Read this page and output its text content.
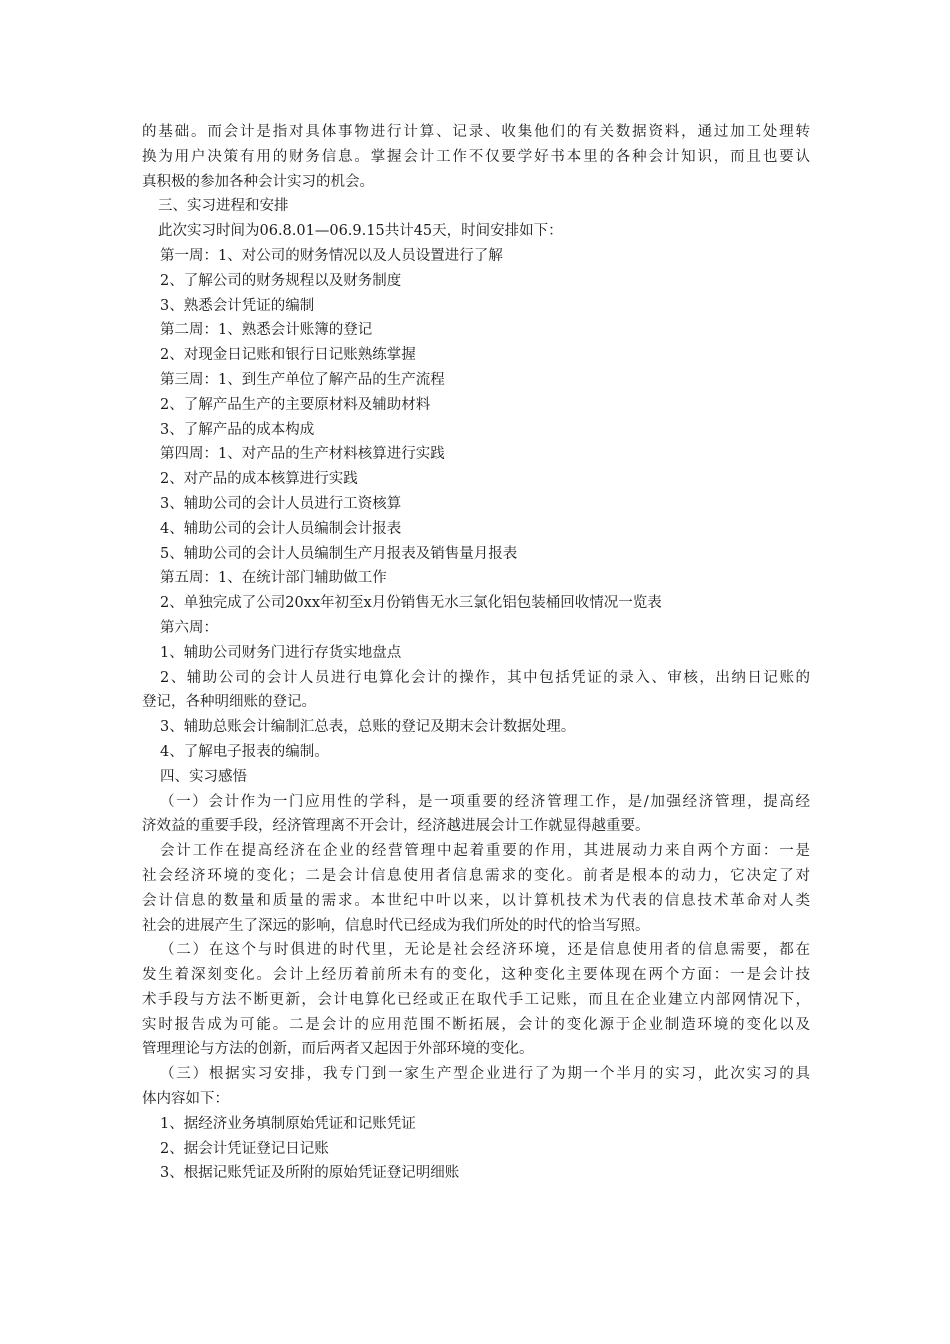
的基础。而会计是指对具体事物进行计算、记录、收集他们的有关数据资料，通过加工处理转
换为用户决策有用的财务信息。掌握会计工作不仅要学好书本里的各种会计知识，而且也要认
真积极的参加各种会计实习的机会。
三、实习进程和安排
此次实习时间为06.8.01—06.9.15共计45天，时间安排如下：
第一周：1、对公司的财务情况以及人员设置进行了解
2、了解公司的财务规程以及财务制度
3、熟悉会计凭证的编制
第二周：1、熟悉会计账簿的登记
2、对现金日记账和银行日记账熟练掌握
第三周：1、到生产单位了解产品的生产流程
2、了解产品生产的主要原材料及辅助材料
3、了解产品的成本构成
第四周：1、对产品的生产材料核算进行实践
2、对产品的成本核算进行实践
3、辅助公司的会计人员进行工资核算
4、辅助公司的会计人员编制会计报表
5、辅助公司的会计人员编制生产月报表及销售量月报表
第五周：1、在统计部门辅助做工作
2、单独完成了公司20xx年初至x月份销售无水三氯化铝包装桶回收情况一览表
第六周：
1、辅助公司财务门进行存货实地盘点
2、辅助公司的会计人员进行电算化会计的操作，其中包括凭证的录入、审核，出纳日记账的
登记，各种明细账的登记。
3、辅助总账会计编制汇总表，总账的登记及期末会计数据处理。
4、了解电子报表的编制。
四、实习感悟
（一）会计作为一门应用性的学科，是一项重要的经济管理工作，是/加强经济管理，提高经
济效益的重要手段，经济管理离不开会计，经济越进展会计工作就显得越重要。
会计工作在提高经济在企业的经营管理中起着重要的作用，其进展动力来自两个方面：一是
社会经济环境的变化；二是会计信息使用者信息需求的变化。前者是根本的动力，它决定了对
会计信息的数量和质量的需求。本世纪中叶以来，以计算机技术为代表的信息技术革命对人类
社会的进展产生了深远的影响，信息时代已经成为我们所处的时代的恰当写照。
（二）在这个与时俱进的时代里，无论是社会经济环境，还是信息使用者的信息需要，都在
发生着深刻变化。会计上经历着前所未有的变化，这种变化主要体现在两个方面：一是会计技
术手段与方法不断更新，会计电算化已经或正在取代手工记账，而且在企业建立内部网情况下，
实时报告成为可能。二是会计的应用范围不断拓展，会计的变化源于企业制造环境的变化以及
管理理论与方法的创新，而后两者又起因于外部环境的变化。
（三）根据实习安排，我专门到一家生产型企业进行了为期一个半月的实习，此次实习的具
体内容如下：
1、据经济业务填制原始凭证和记账凭证
2、据会计凭证登记日记账
3、根据记账凭证及所附的原始凭证登记明细账
